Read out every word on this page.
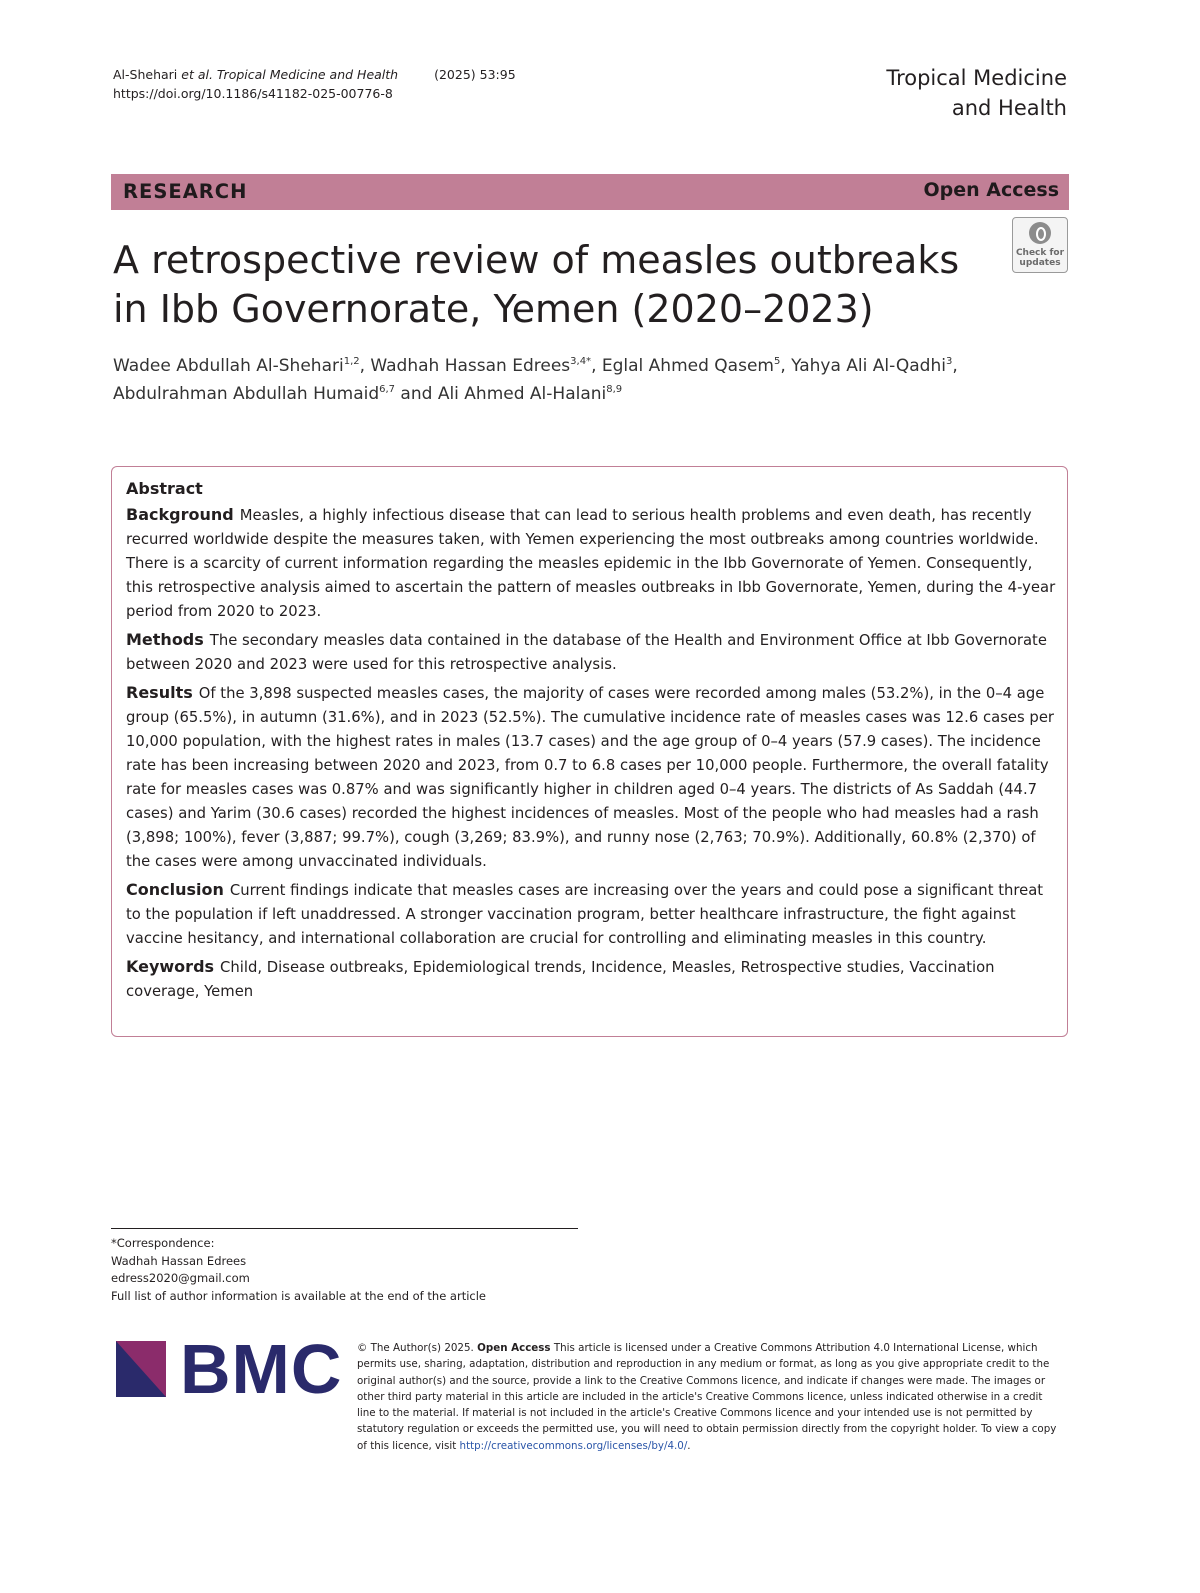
Al-Shehari et al. Tropical Medicine and Health	(2025) 53:95
https://doi.org/10.1186/s41182-025-00776-8
Tropical Medicine
and Health
RESEARCH	Open Access
A retrospective review of measles outbreaks
in Ibb Governorate, Yemen (2020–2023)
Check for
updates
Wadee Abdullah Al-Shehari$^{1,2}$, Wadhah Hassan Edrees$^{3,4*}$, Eglal Ahmed Qasem$^5$, Yahya Ali Al-Qadhi$^3$,
Abdulrahman Abdullah Humaid$^{6,7}$ and Ali Ahmed Al-Halani$^{8,9}$
Abstract

Background Measles, a highly infectious disease that can lead to serious health problems and even death, has recently recurred worldwide despite the measures taken, with Yemen experiencing the most outbreaks among countries worldwide. There is a scarcity of current information regarding the measles epidemic in the Ibb Governorate of Yemen. Consequently, this retrospective analysis aimed to ascertain the pattern of measles outbreaks in Ibb Governorate, Yemen, during the 4-year period from 2020 to 2023.

Methods The secondary measles data contained in the database of the Health and Environment Office at Ibb Governorate between 2020 and 2023 were used for this retrospective analysis.

Results Of the 3,898 suspected measles cases, the majority of cases were recorded among males (53.2%), in the 0–4 age group (65.5%), in autumn (31.6%), and in 2023 (52.5%). The cumulative incidence rate of measles cases was 12.6 cases per 10,000 population, with the highest rates in males (13.7 cases) and the age group of 0–4 years (57.9 cases). The incidence rate has been increasing between 2020 and 2023, from 0.7 to 6.8 cases per 10,000 people. Furthermore, the overall fatality rate for measles cases was 0.87% and was significantly higher in children aged 0–4 years. The districts of As Saddah (44.7 cases) and Yarim (30.6 cases) recorded the highest incidences of measles. Most of the people who had measles had a rash (3,898; 100%), fever (3,887; 99.7%), cough (3,269; 83.9%), and runny nose (2,763; 70.9%). Additionally, 60.8% (2,370) of the cases were among unvaccinated individuals.

Conclusion Current findings indicate that measles cases are increasing over the years and could pose a significant threat to the population if left unaddressed. A stronger vaccination program, better healthcare infrastructure, the fight against vaccine hesitancy, and international collaboration are crucial for controlling and eliminating measles in this country.

Keywords Child, Disease outbreaks, Epidemiological trends, Incidence, Measles, Retrospective studies, Vaccination coverage, Yemen

*Correspondence:
Wadhah Hassan Edrees
edress2020@gmail.com
Full list of author information is available at the end of the article
BMC © The Author(s) 2025. Open Access This article is licensed under a Creative Commons Attribution 4.0 International License, which permits use, sharing, adaptation, distribution and reproduction in any medium or format, as long as you give appropriate credit to the original author(s) and the source, provide a link to the Creative Commons licence, and indicate if changes were made. The images or other third party material in this article are included in the article's Creative Commons licence, unless indicated otherwise in a credit line to the material. If material is not included in the article's Creative Commons licence and your intended use is not permitted by statutory regulation or exceeds the permitted use, you will need to obtain permission directly from the copyright holder. To view a copy of this licence, visit http://creativecommons.org/licenses/by/4.0/.
